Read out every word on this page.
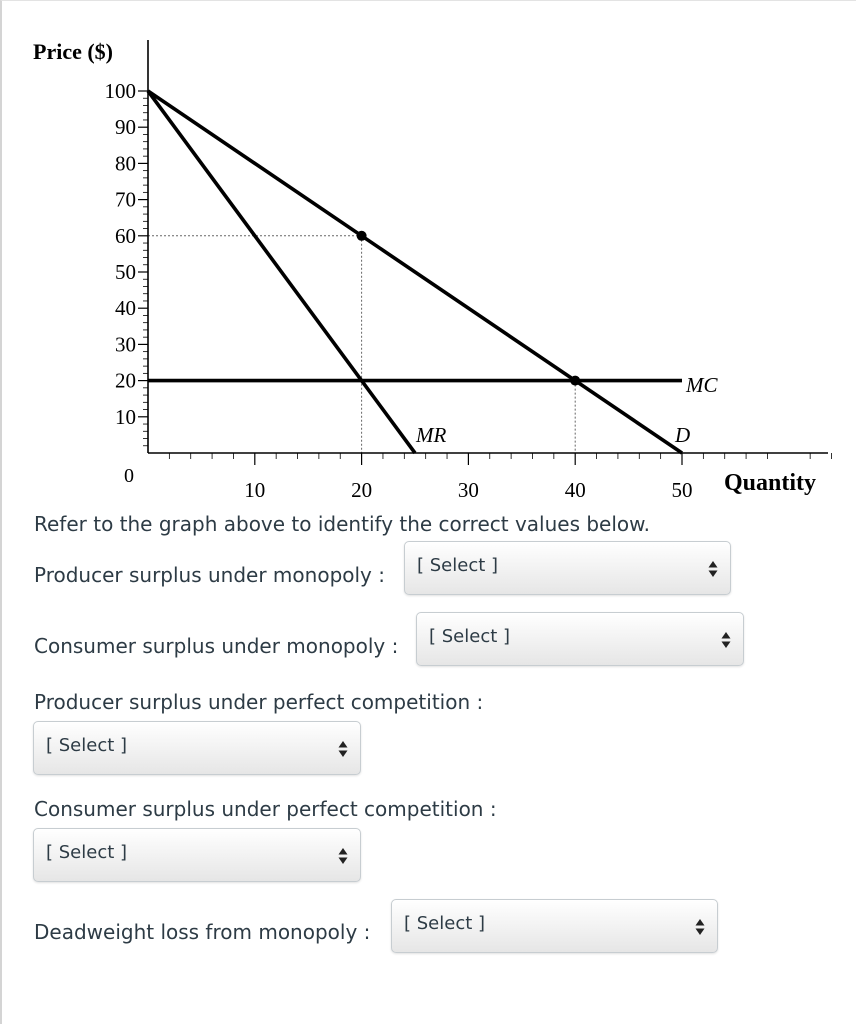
100
90
80
70
60
50
40
30
20
10
10	20	30	40	50
Price ($)
Quantity
0
MC
MR	D
Refer to the graph above to identify the correct values below.
Producer surplus under monopoly : [ Select ]
Consumer surplus under monopoly : [ Select ]
Producer surplus under perfect competition :
[ Select ]
Consumer surplus under perfect competition :
[ Select ]
Deadweight loss from monopoly : [ Select ]
